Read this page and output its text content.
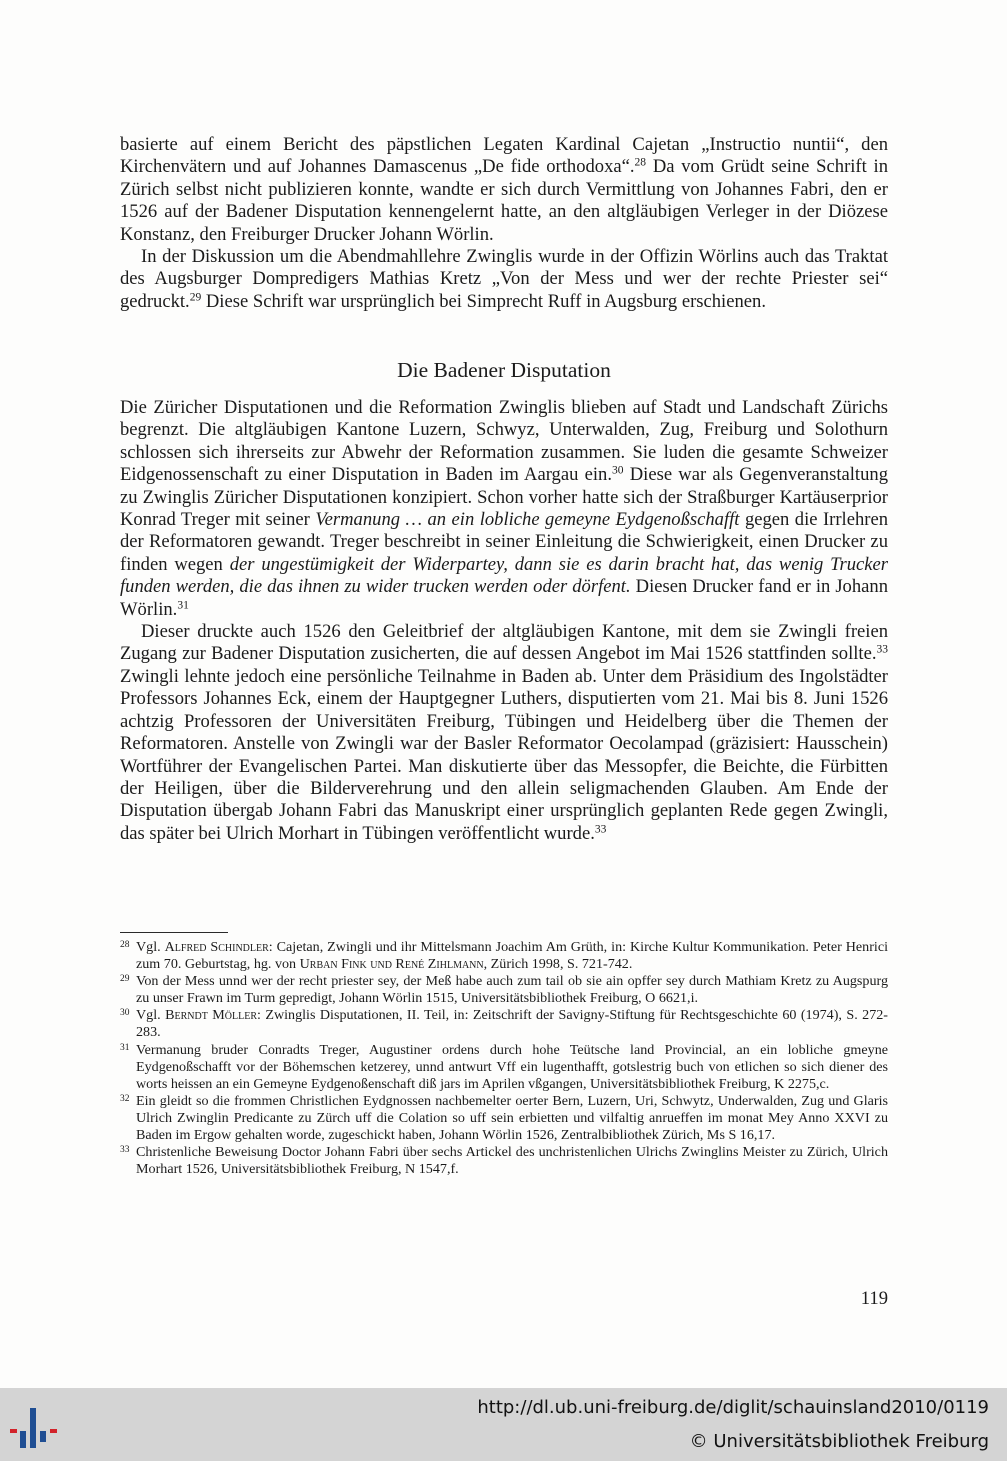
basierte auf einem Bericht des päpstlichen Legaten Kardinal Cajetan „Instructio nuntii“, den Kirchenvätern und auf Johannes Damascenus „De fide orthodoxa“.$^{28}$ Da vom Grüdt seine Schrift in Zürich selbst nicht publizieren konnte, wandte er sich durch Vermittlung von Johannes Fabri, den er 1526 auf der Badener Disputation kennengelernt hatte, an den altgläubigen Verleger in der Diözese Konstanz, den Freiburger Drucker Johann Wörlin.

In der Diskussion um die Abendmahllehre Zwinglis wurde in der Offizin Wörlins auch das Traktat des Augsburger Dompredigers Mathias Kretz „Von der Mess und wer der rechte Priester sei“ gedruckt.$^{29}$ Diese Schrift war ursprünglich bei Simprecht Ruff in Augsburg erschienen.

Die Badener Disputation

Die Züricher Disputationen und die Reformation Zwinglis blieben auf Stadt und Landschaft Zürichs begrenzt. Die altgläubigen Kantone Luzern, Schwyz, Unterwalden, Zug, Freiburg und Solothurn schlossen sich ihrerseits zur Abwehr der Reformation zusammen. Sie luden die gesamte Schweizer Eidgenossenschaft zu einer Disputation in Baden im Aargau ein.$^{30}$ Diese war als Gegenveranstaltung zu Zwinglis Züricher Disputationen konzipiert. Schon vorher hatte sich der Straßburger Kartäuserprior Konrad Treger mit seiner Vermanung … an ein lobliche gemeyne Eydgenoßschafft gegen die Irrlehren der Reformatoren gewandt. Treger beschreibt in seiner Einleitung die Schwierigkeit, einen Drucker zu finden wegen der ungestümigkeit der Widerpartey, dann sie es darin bracht hat, das wenig Trucker funden werden, die das ihnen zu wider trucken werden oder dörfent. Diesen Drucker fand er in Johann Wörlin.$^{31}$

Dieser druckte auch 1526 den Geleitbrief der altgläubigen Kantone, mit dem sie Zwingli freien Zugang zur Badener Disputation zusicherten, die auf dessen Angebot im Mai 1526 stattfinden sollte.$^{33}$ Zwingli lehnte jedoch eine persönliche Teilnahme in Baden ab. Unter dem Präsidium des Ingolstädter Professors Johannes Eck, einem der Hauptgegner Luthers, disputierten vom 21. Mai bis 8. Juni 1526 achtzig Professoren der Universitäten Freiburg, Tübingen und Heidelberg über die Themen der Reformatoren. Anstelle von Zwingli war der Basler Reformator Oecolampad (gräzisiert: Hausschein) Wortführer der Evangelischen Partei. Man diskutierte über das Messopfer, die Beichte, die Fürbitten der Heiligen, über die Bilderverehrung und den allein seligmachenden Glauben. Am Ende der Disputation übergab Johann Fabri das Manuskript einer ursprünglich geplanten Rede gegen Zwingli, das später bei Ulrich Morhart in Tübingen veröffentlicht wurde.$^{33}$

28 Vgl. Alfred Schindler: Cajetan, Zwingli und ihr Mittelsmann Joachim Am Grüth, in: Kirche Kultur Kommunikation. Peter Henrici zum 70. Geburtstag, hg. von Urban Fink und René Zihlmann, Zürich 1998, S. 721-742.

29 Von der Mess unnd wer der recht priester sey, der Meß habe auch zum tail ob sie ain opffer sey durch Mathiam Kretz zu Augspurg zu unser Frawn im Turm gepredigt, Johann Wörlin 1515, Universitätsbibliothek Freiburg, O 6621,i.

30 Vgl. Berndt Möller: Zwinglis Disputationen, II. Teil, in: Zeitschrift der Savigny-Stiftung für Rechtsgeschichte 60 (1974), S. 272-283.

31 Vermanung bruder Conradts Treger, Augustiner ordens durch hohe Teütsche land Provincial, an ein lobliche gmeyne Eydgenoßschafft vor der Böhemschen ketzerey, unnd antwurt Vff ein lugenthafft, gotslestrig buch von etlichen so sich diener des worts heissen an ein Gemeyne Eydgenoßenschaft diß jars im Aprilen vßgangen, Universitätsbibliothek Freiburg, K 2275,c.

32 Ein gleidt so die frommen Christlichen Eydgnossen nachbemelter oerter Bern, Luzern, Uri, Schwytz, Underwalden, Zug und Glaris Ulrich Zwinglin Predicante zu Zürch uff die Colation so uff sein erbietten und vilfaltig anrueffen im monat Mey Anno XXVI zu Baden im Ergow gehalten worde, zugeschickt haben, Johann Wörlin 1526, Zentralbibliothek Zürich, Ms S 16,17.

33 Christenliche Beweisung Doctor Johann Fabri über sechs Artickel des unchristenlichen Ulrichs Zwinglins Meister zu Zürich, Ulrich Morhart 1526, Universitätsbibliothek Freiburg, N 1547,f.

119
http://dl.ub.uni-freiburg.de/diglit/schauinsland2010/0119
© Universitätsbibliothek Freiburg
